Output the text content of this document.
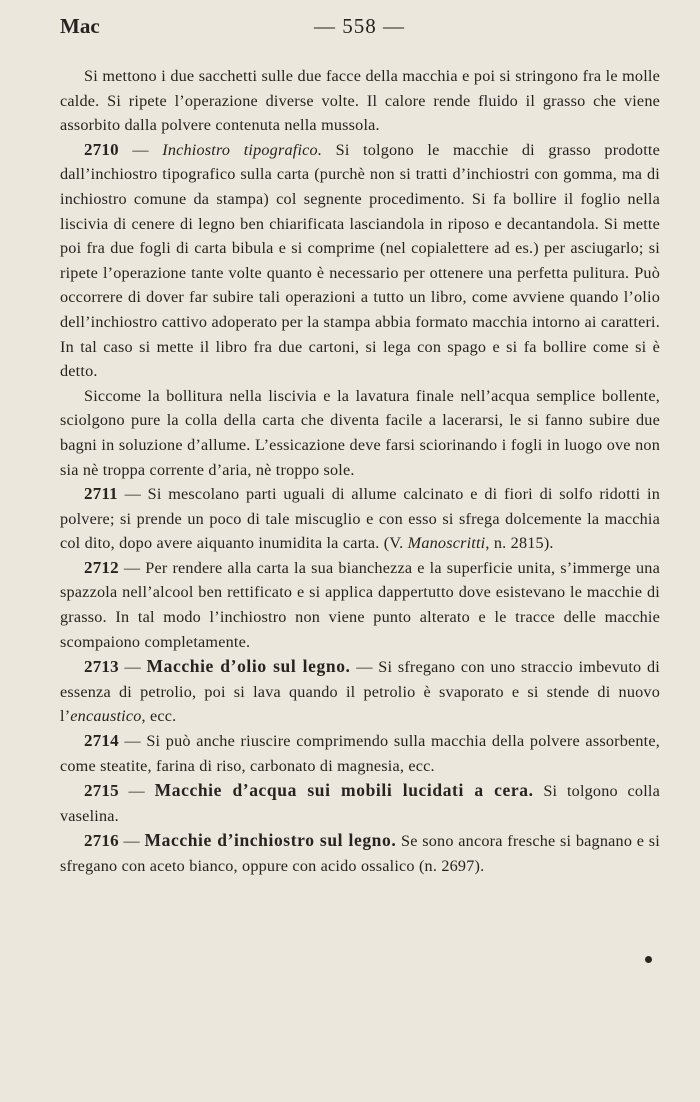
Mac	— 558 —

Si mettono i due sacchetti sulle due facce della macchia e poi si stringono fra le molle calde. Si ripete l’operazione diverse volte. Il calore rende fluido il grasso che viene assorbito dalla polvere contenuta nella mussola.

2710 — Inchiostro tipografico. Si tolgono le macchie di grasso prodotte dall’inchiostro tipografico sulla carta (purchè non si tratti d’inchiostri con gomma, ma di inchiostro comune da stampa) col segnente procedimento. Si fa bollire il foglio nella liscivia di cenere di legno ben chiarificata lasciandola in riposo e decantandola. Si mette poi fra due fogli di carta bibula e si comprime (nel copialettere ad es.) per asciugarlo; si ripete l’operazione tante volte quanto è necessario per ottenere una perfetta pulitura. Può occorrere di dover far subire tali operazioni a tutto un libro, come avviene quando l’olio dell’inchiostro cattivo adoperato per la stampa abbia formato macchia intorno ai caratteri. In tal caso si mette il libro fra due cartoni, si lega con spago e si fa bollire come si è detto.

Siccome la bollitura nella liscivia e la lavatura finale nell’acqua semplice bollente, sciolgono pure la colla della carta che diventa facile a lacerarsi, le si fanno subire due bagni in soluzione d’allume. L’essicazione deve farsi sciorinando i fogli in luogo ove non sia nè troppa corrente d’aria, nè troppo sole.

2711 — Si mescolano parti uguali di allume calcinato e di fiori di solfo ridotti in polvere; si prende un poco di tale miscuglio e con esso si sfrega dolcemente la macchia col dito, dopo avere aiquanto inumidita la carta. (V. Manoscritti, n. 2815).

2712 — Per rendere alla carta la sua bianchezza e la superficie unita, s’immerge una spazzola nell’alcool ben rettificato e si applica dappertutto dove esistevano le macchie di grasso. In tal modo l’inchiostro non viene punto alterato e le tracce delle macchie scompaiono completamente.

2713 — Macchie d’olio sul legno. — Si sfregano con uno straccio imbevuto di essenza di petrolio, poi si lava quando il petrolio è svaporato e si stende di nuovo l’encaustico, ecc.

2714 — Si può anche riuscire comprimendo sulla macchia della polvere assorbente, come steatite, farina di riso, carbonato di magnesia, ecc.

2715 — Macchie d’acqua sui mobili lucidati a cera. Si tolgono colla vaselina.

2716 — Macchie d’inchiostro sul legno. Se sono ancora fresche si bagnano e si sfregano con aceto bianco, oppure con acido ossalico (n. 2697).
